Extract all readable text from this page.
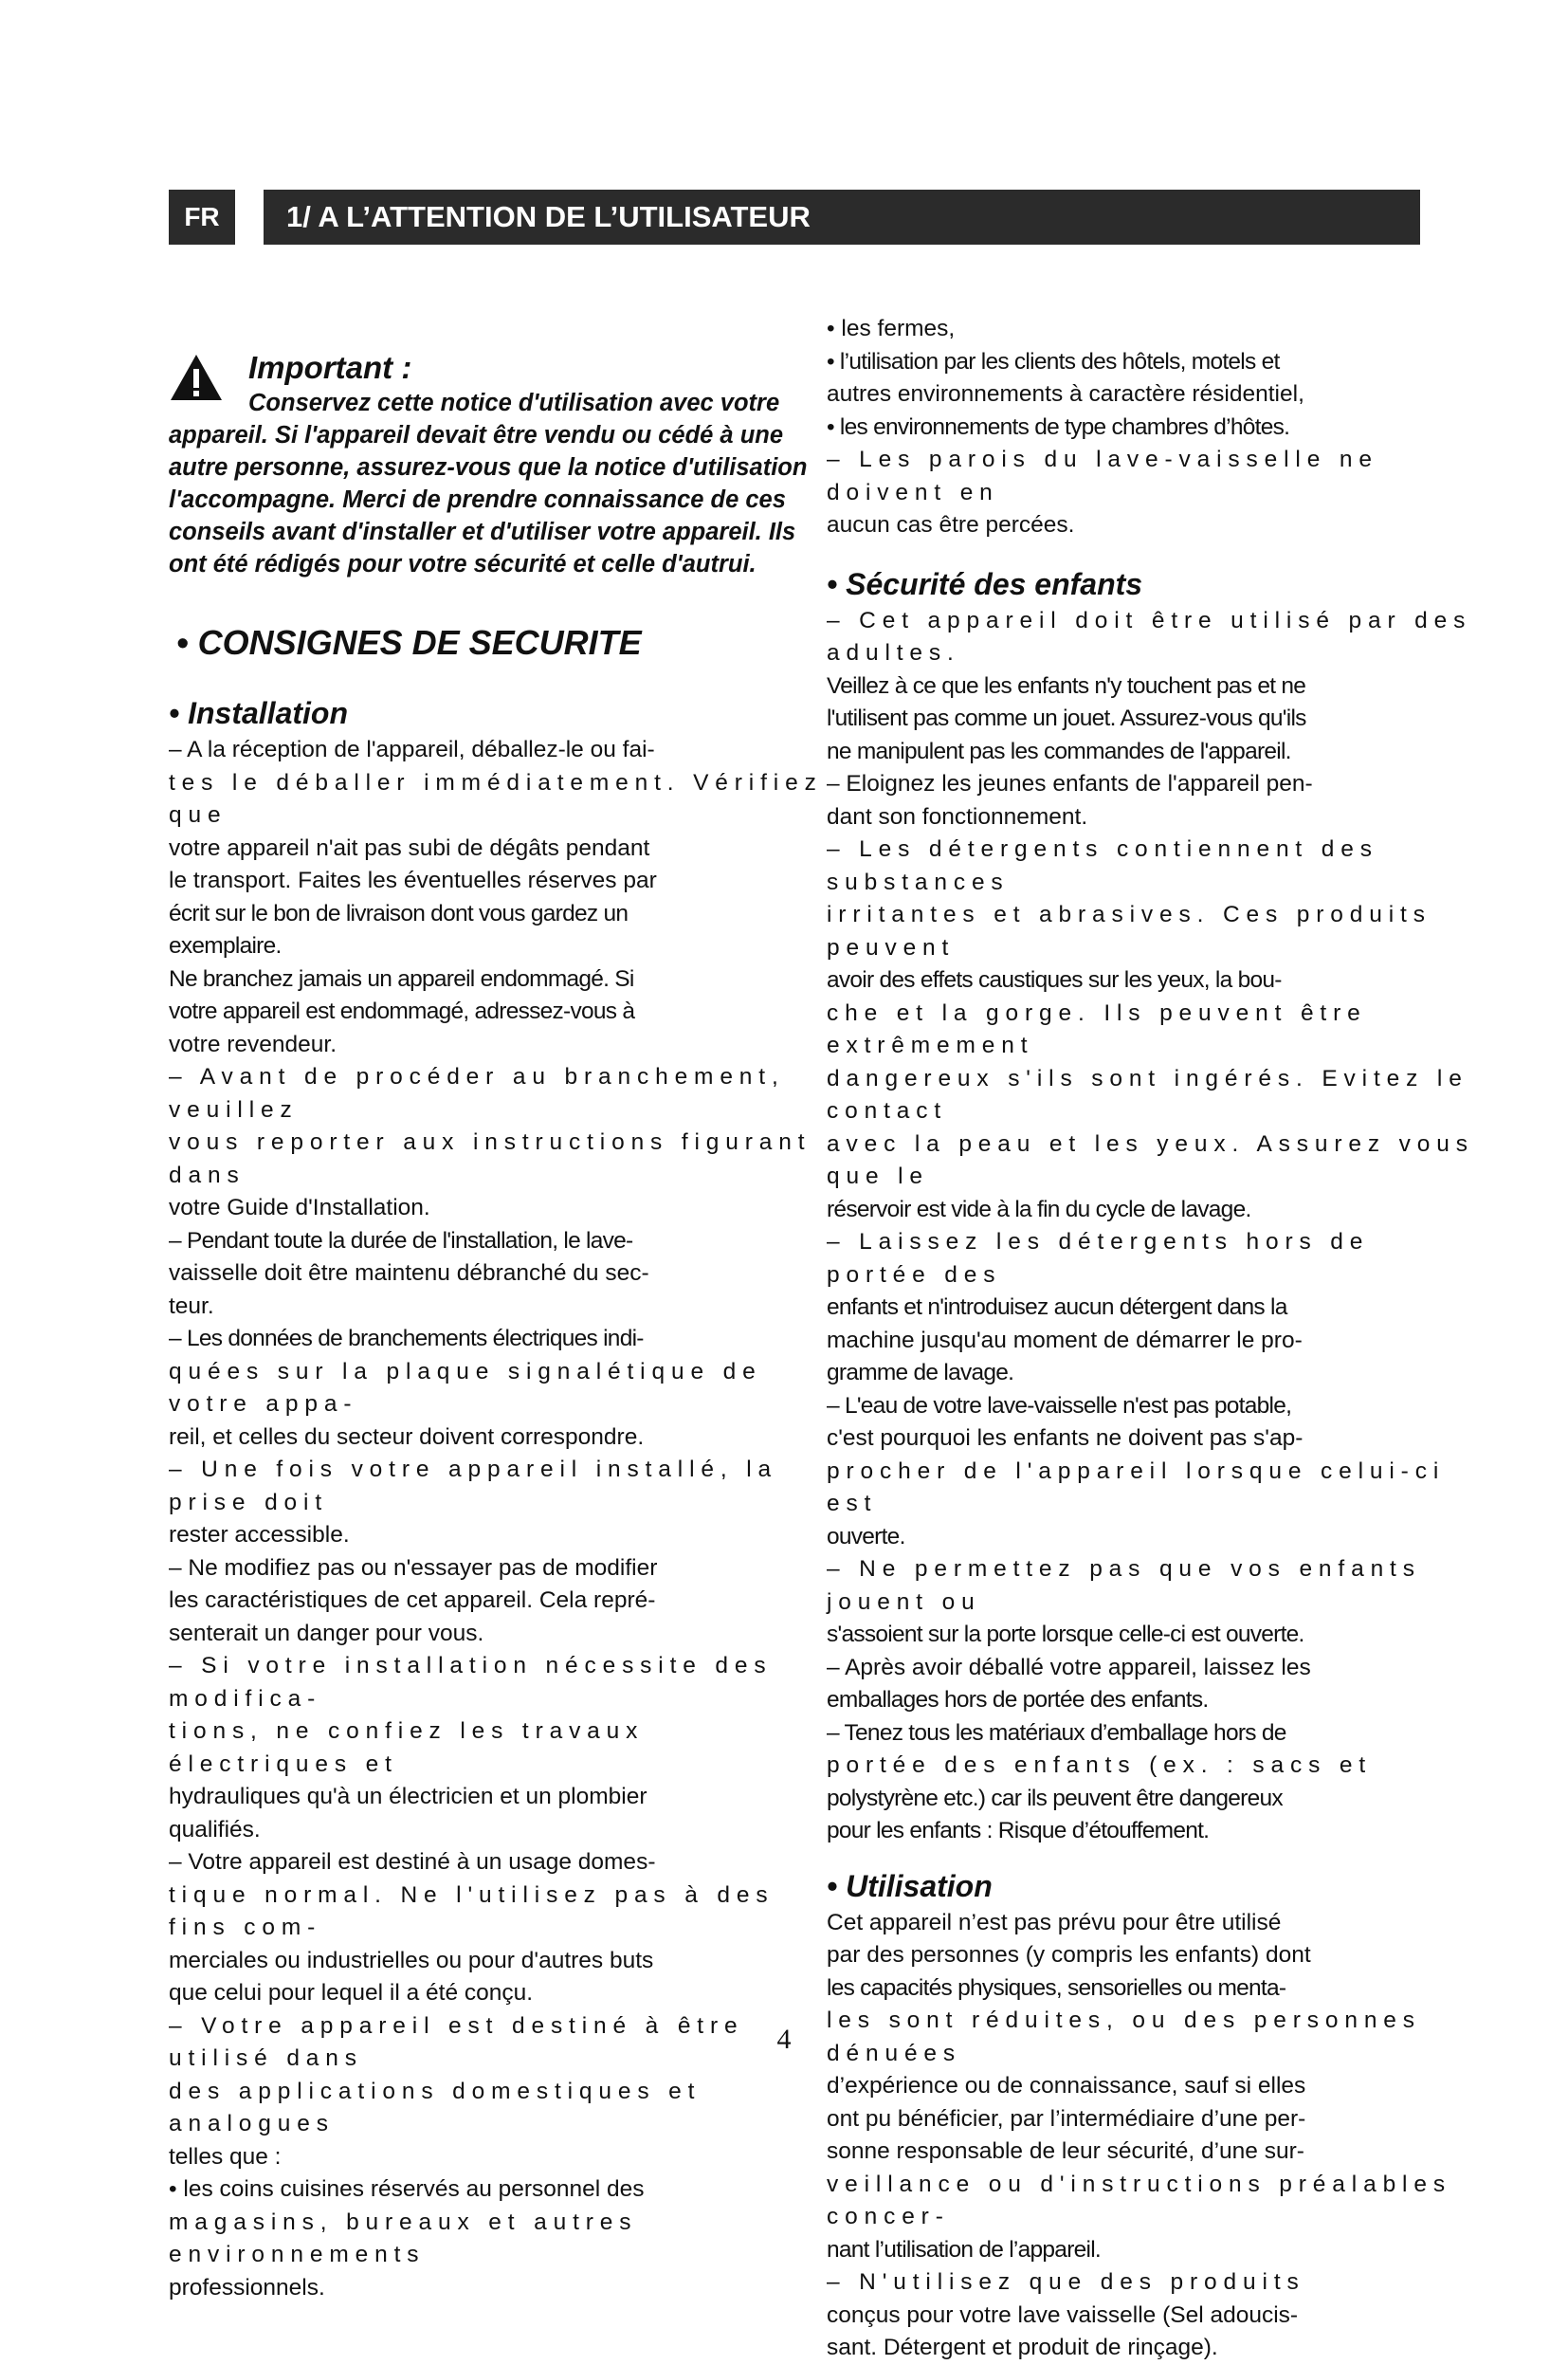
FR	1/ A L’ATTENTION DE L’UTILISATEUR
Important :

Conservez cette notice d'utilisation avec votre appareil. Si l'appareil devait être vendu ou cédé à une autre personne, assurez-vous que la notice d'utilisation l'accompagne. Merci de prendre connaissance de ces conseils avant d'installer et d'utiliser votre appareil. Ils ont été rédigés pour votre sécurité et celle d'autrui.

• CONSIGNES DE SECURITE
• Installation

– A la réception de l'appareil, déballez-le ou fai-

tes le déballer immédiatement. Vérifiez que

votre appareil n'ait pas subi de dégâts pendant

le transport. Faites les éventuelles réserves par

écrit sur le bon de livraison dont vous gardez un

exemplaire.

Ne branchez jamais un appareil endommagé. Si

votre appareil est endommagé, adressez-vous à

votre revendeur.

– Avant de procéder au branchement, veuillez

vous reporter aux instructions figurant dans

votre Guide d'Installation.

– Pendant toute la durée de l'installation, le lave-

vaisselle doit être maintenu débranché du sec-

teur.

– Les données de branchements électriques indi-

quées sur la plaque signalétique de votre appa-

reil, et celles du secteur doivent correspondre.

– Une fois votre appareil installé, la prise doit

rester accessible.

– Ne modifiez pas ou n'essayer pas de modifier

les caractéristiques de cet appareil. Cela repré-

senterait un danger pour vous.

– Si votre installation nécessite des modifica-

tions, ne confiez les travaux électriques et

hydrauliques qu'à un électricien et un plombier

qualifiés.

– Votre appareil est destiné à un usage domes-

tique normal. Ne l'utilisez pas à des fins com-

merciales ou industrielles ou pour d'autres buts

que celui pour lequel il a été conçu.

– Votre appareil est destiné à être utilisé dans

des applications domestiques et analogues

telles que :

• les coins cuisines réservés au personnel des

magasins, bureaux et autres environnements

professionnels.

• les fermes,

• l’utilisation par les clients des hôtels, motels et

autres environnements à caractère résidentiel,

• les environnements de type chambres d’hôtes.

– Les parois du lave-vaisselle ne doivent en

aucun cas être percées.

• Sécurité des enfants

– Cet appareil doit être utilisé par des adultes.

Veillez à ce que les enfants n'y touchent pas et ne

l'utilisent pas comme un jouet. Assurez-vous qu'ils

ne manipulent pas les commandes de l'appareil.

– Eloignez les jeunes enfants de l'appareil pen-

dant son fonctionnement.

– Les détergents contiennent des substances

irritantes et abrasives. Ces produits peuvent

avoir des effets caustiques sur les yeux, la bou-

che et la gorge. Ils peuvent être extrêmement

dangereux s'ils sont ingérés. Evitez le contact

avec la peau et les yeux. Assurez vous que le

réservoir est vide à la fin du cycle de lavage.

– Laissez les détergents hors de portée des

enfants et n'introduisez aucun détergent dans la

machine jusqu'au moment de démarrer le pro-

gramme de lavage.

– L'eau de votre lave-vaisselle n'est pas potable,

c'est pourquoi les enfants ne doivent pas s'ap-

procher de l'appareil lorsque celui-ci est

ouverte.

– Ne permettez pas que vos enfants jouent ou

s'assoient sur la porte lorsque celle-ci est ouverte.

– Après avoir déballé votre appareil, laissez les

emballages hors de portée des enfants.

– Tenez tous les matériaux d’emballage hors de

portée des enfants (ex. : sacs et

polystyrène etc.) car ils peuvent être dangereux

pour les enfants : Risque d’étouffement.

• Utilisation

Cet appareil n’est pas prévu pour être utilisé

par des personnes (y compris les enfants) dont

les capacités physiques, sensorielles ou menta-

les sont réduites, ou des personnes dénuées

d’expérience ou de connaissance, sauf si elles

ont pu bénéficier, par l’intermédiaire d’une per-

sonne responsable de leur sécurité, d’une sur-

veillance ou d'instructions préalables concer-

nant l’utilisation de l’appareil.

– N'utilisez que des produits

conçus pour votre lave vaisselle (Sel adoucis-

sant. Détergent et produit de rinçage).

4
